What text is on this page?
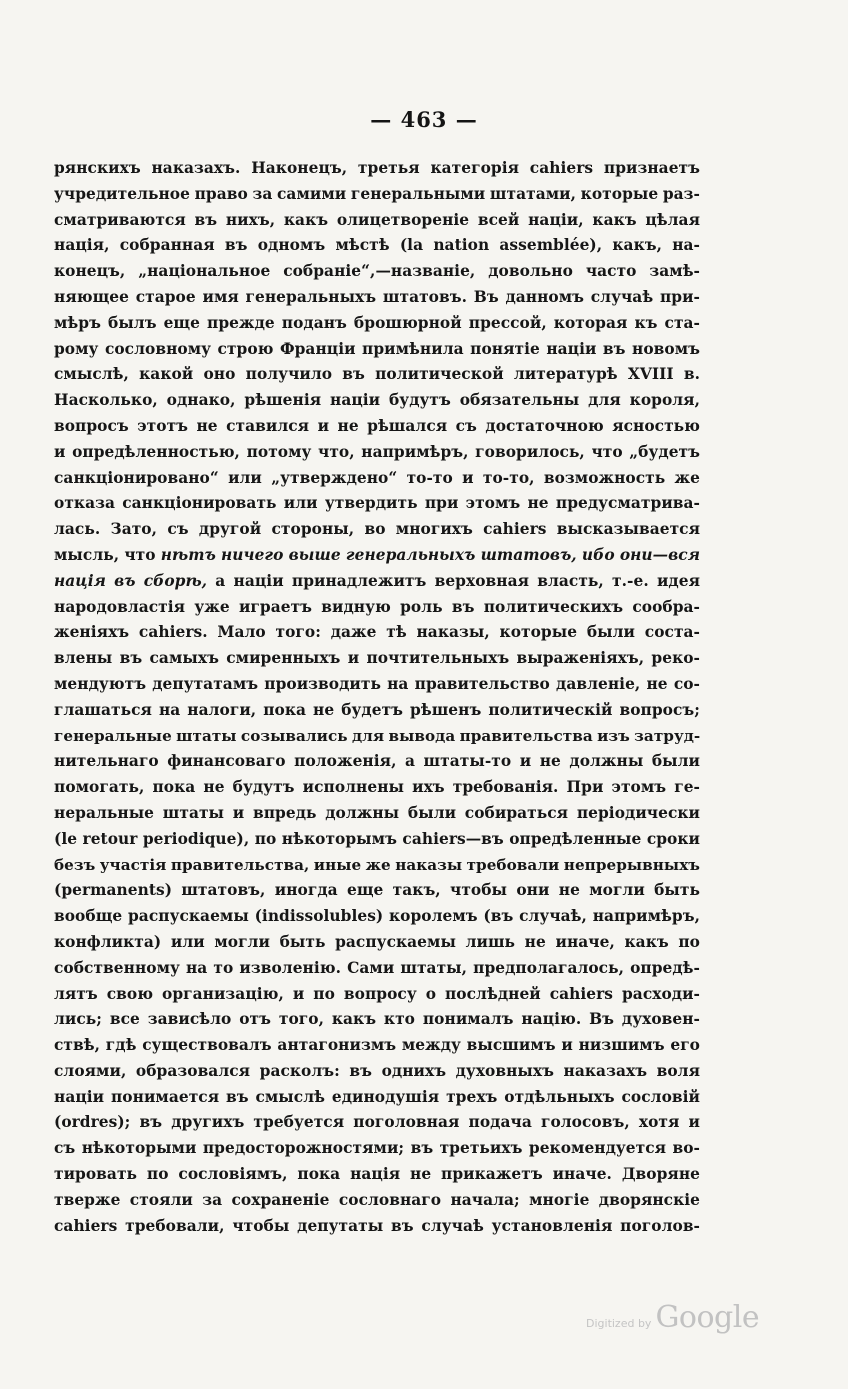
— 463 —
рянскихъ наказахъ. Наконецъ, третья категорія cahiers признаетъ
учредительное право за самими генеральными штатами, которые раз-
сматриваются въ нихъ, какъ олицетвореніе всей націи, какъ цѣлая
нація, собранная въ одномъ мѣстѣ (la nation assemblée), какъ, на-
конецъ, „національное собраніе“,—названіе, довольно часто замѣ-
няющее старое имя генеральныхъ штатовъ. Въ данномъ случаѣ при-
мѣръ былъ еще прежде поданъ брошюрной прессой, которая къ ста-
рому сословному строю Франціи примѣнила понятіе націи въ новомъ
смыслѣ, какой оно получило въ политической литературѣ XVIII в.
Насколько, однако, рѣшенія націи будутъ обязательны для короля,
вопросъ этотъ не ставился и не рѣшался съ достаточною ясностью
и опредѣленностью, потому что, напримѣръ, говорилось, что „будетъ
санкціонировано“ или „утверждено“ то-то и то-то, возможность же
отказа санкціонировать или утвердить при этомъ не предусматрива-
лась. Зато, съ другой стороны, во многихъ cahiers высказывается
мысль, что нѣтъ ничего выше генеральныхъ штатовъ, ибо они—вся
нація въ сборѣ, а націи принадлежитъ верховная власть, т.-е. идея
народовластія уже играетъ видную роль въ политическихъ сообра-
женіяхъ cahiers. Мало того: даже тѣ наказы, которые были соста-
влены въ самыхъ смиренныхъ и почтительныхъ выраженіяхъ, реко-
мендуютъ депутатамъ производить на правительство давленіе, не со-
глашаться на налоги, пока не будетъ рѣшенъ политическій вопросъ;
генеральные штаты созывались для вывода правительства изъ затруд-
нительнаго финансоваго положенія, а штаты-то и не должны были
помогать, пока не будутъ исполнены ихъ требованія. При этомъ ге-
неральные штаты и впредь должны были собираться періодически
(le retour periodique), по нѣкоторымъ cahiers—въ опредѣленные сроки
безъ участія правительства, иные же наказы требовали непрерывныхъ
(permanents) штатовъ, иногда еще такъ, чтобы они не могли быть
вообще распускаемы (indissolubles) королемъ (въ случаѣ, напримѣръ,
конфликта) или могли быть распускаемы лишь не иначе, какъ по
собственному на то изволенію. Сами штаты, предполагалось, опредѣ-
лятъ свою организацію, и по вопросу о послѣдней cahiers расходи-
лись; все зависѣло отъ того, какъ кто понималъ націю. Въ духовен-
ствѣ, гдѣ существовалъ антагонизмъ между высшимъ и низшимъ его
слоями, образовался расколъ: въ однихъ духовныхъ наказахъ воля
націи понимается въ смыслѣ единодушія трехъ отдѣльныхъ сословій
(ordres); въ другихъ требуется поголовная подача голосовъ, хотя и
съ нѣкоторыми предосторожностями; въ третьихъ рекомендуется во-
тировать по сословіямъ, пока нація не прикажетъ иначе. Дворяне
тверже стояли за сохраненіе сословнаго начала; многіе дворянскіе
cahiers требовали, чтобы депутаты въ случаѣ установленія поголов-
Digitized by Google
